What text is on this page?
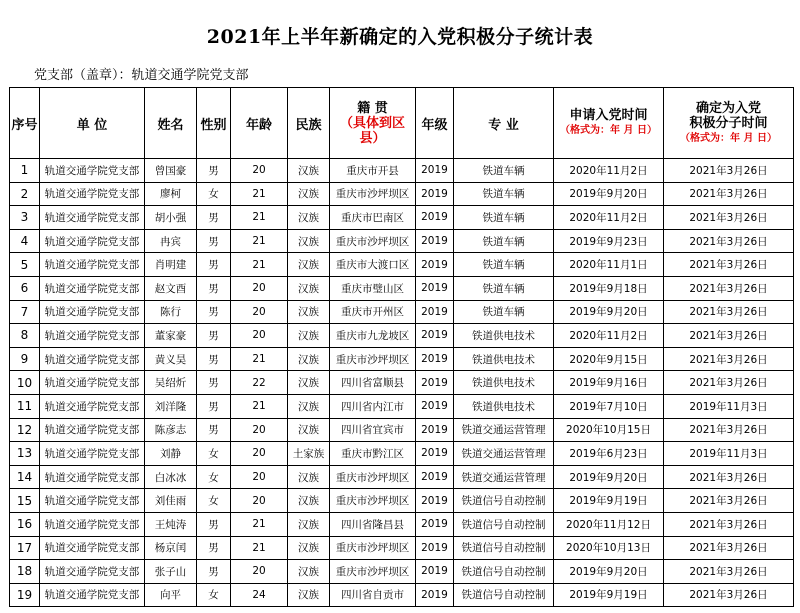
2021年上半年新确定的入党积极分子统计表
党支部（盖章）：轨道交通学院党支部
序号	单 位	姓名	性别	年龄	民族	籍 贯
（具体到区
县）	年级	专 业	申请入党时间
（格式为：年 月 日）	确定为入党
积极分子时间
（格式为：年 月 日）

1	轨道交通学院党支部	曾国豪	男	20	汉族	重庆市开县	2019	铁道车辆	2020年11月2日	2021年3月26日
2	轨道交通学院党支部	廖柯	女	21	汉族	重庆市沙坪坝区	2019	铁道车辆	2019年9月20日	2021年3月26日
3	轨道交通学院党支部	胡小强	男	21	汉族	重庆市巴南区	2019	铁道车辆	2020年11月2日	2021年3月26日
4	轨道交通学院党支部	冉宾	男	21	汉族	重庆市沙坪坝区	2019	铁道车辆	2019年9月23日	2021年3月26日
5	轨道交通学院党支部	肖明建	男	21	汉族	重庆市大渡口区	2019	铁道车辆	2020年11月1日	2021年3月26日
6	轨道交通学院党支部	赵文酉	男	20	汉族	重庆市璧山区	2019	铁道车辆	2019年9月18日	2021年3月26日
7	轨道交通学院党支部	陈行	男	20	汉族	重庆市开州区	2019	铁道车辆	2019年9月20日	2021年3月26日
8	轨道交通学院党支部	董家豪	男	20	汉族	重庆市九龙坡区	2019	铁道供电技术	2020年11月2日	2021年3月26日
9	轨道交通学院党支部	黄义昊	男	21	汉族	重庆市沙坪坝区	2019	铁道供电技术	2020年9月15日	2021年3月26日
10	轨道交通学院党支部	吴绍炘	男	22	汉族	四川省富顺县	2019	铁道供电技术	2019年9月16日	2021年3月26日
11	轨道交通学院党支部	刘洋隆	男	21	汉族	四川省内江市	2019	铁道供电技术	2019年7月10日	2019年11月3日
12	轨道交通学院党支部	陈彦志	男	20	汉族	四川省宜宾市	2019	铁道交通运营管理	2020年10月15日	2021年3月26日
13	轨道交通学院党支部	刘静	女	20	土家族	重庆市黔江区	2019	铁道交通运营管理	2019年6月23日	2019年11月3日
14	轨道交通学院党支部	白冰冰	女	20	汉族	重庆市沙坪坝区	2019	铁道交通运营管理	2019年9月20日	2021年3月26日
15	轨道交通学院党支部	刘佳雨	女	20	汉族	重庆市沙坪坝区	2019	铁道信号自动控制	2019年9月19日	2021年3月26日
16	轨道交通学院党支部	王炖涛	男	21	汉族	四川省隆昌县	2019	铁道信号自动控制	2020年11月12日	2021年3月26日
17	轨道交通学院党支部	杨京闰	男	21	汉族	重庆市沙坪坝区	2019	铁道信号自动控制	2020年10月13日	2021年3月26日
18	轨道交通学院党支部	张子山	男	20	汉族	重庆市沙坪坝区	2019	铁道信号自动控制	2019年9月20日	2021年3月26日
19	轨道交通学院党支部	向平	女	24	汉族	四川省自贡市	2019	铁道信号自动控制	2019年9月19日	2021年3月26日
